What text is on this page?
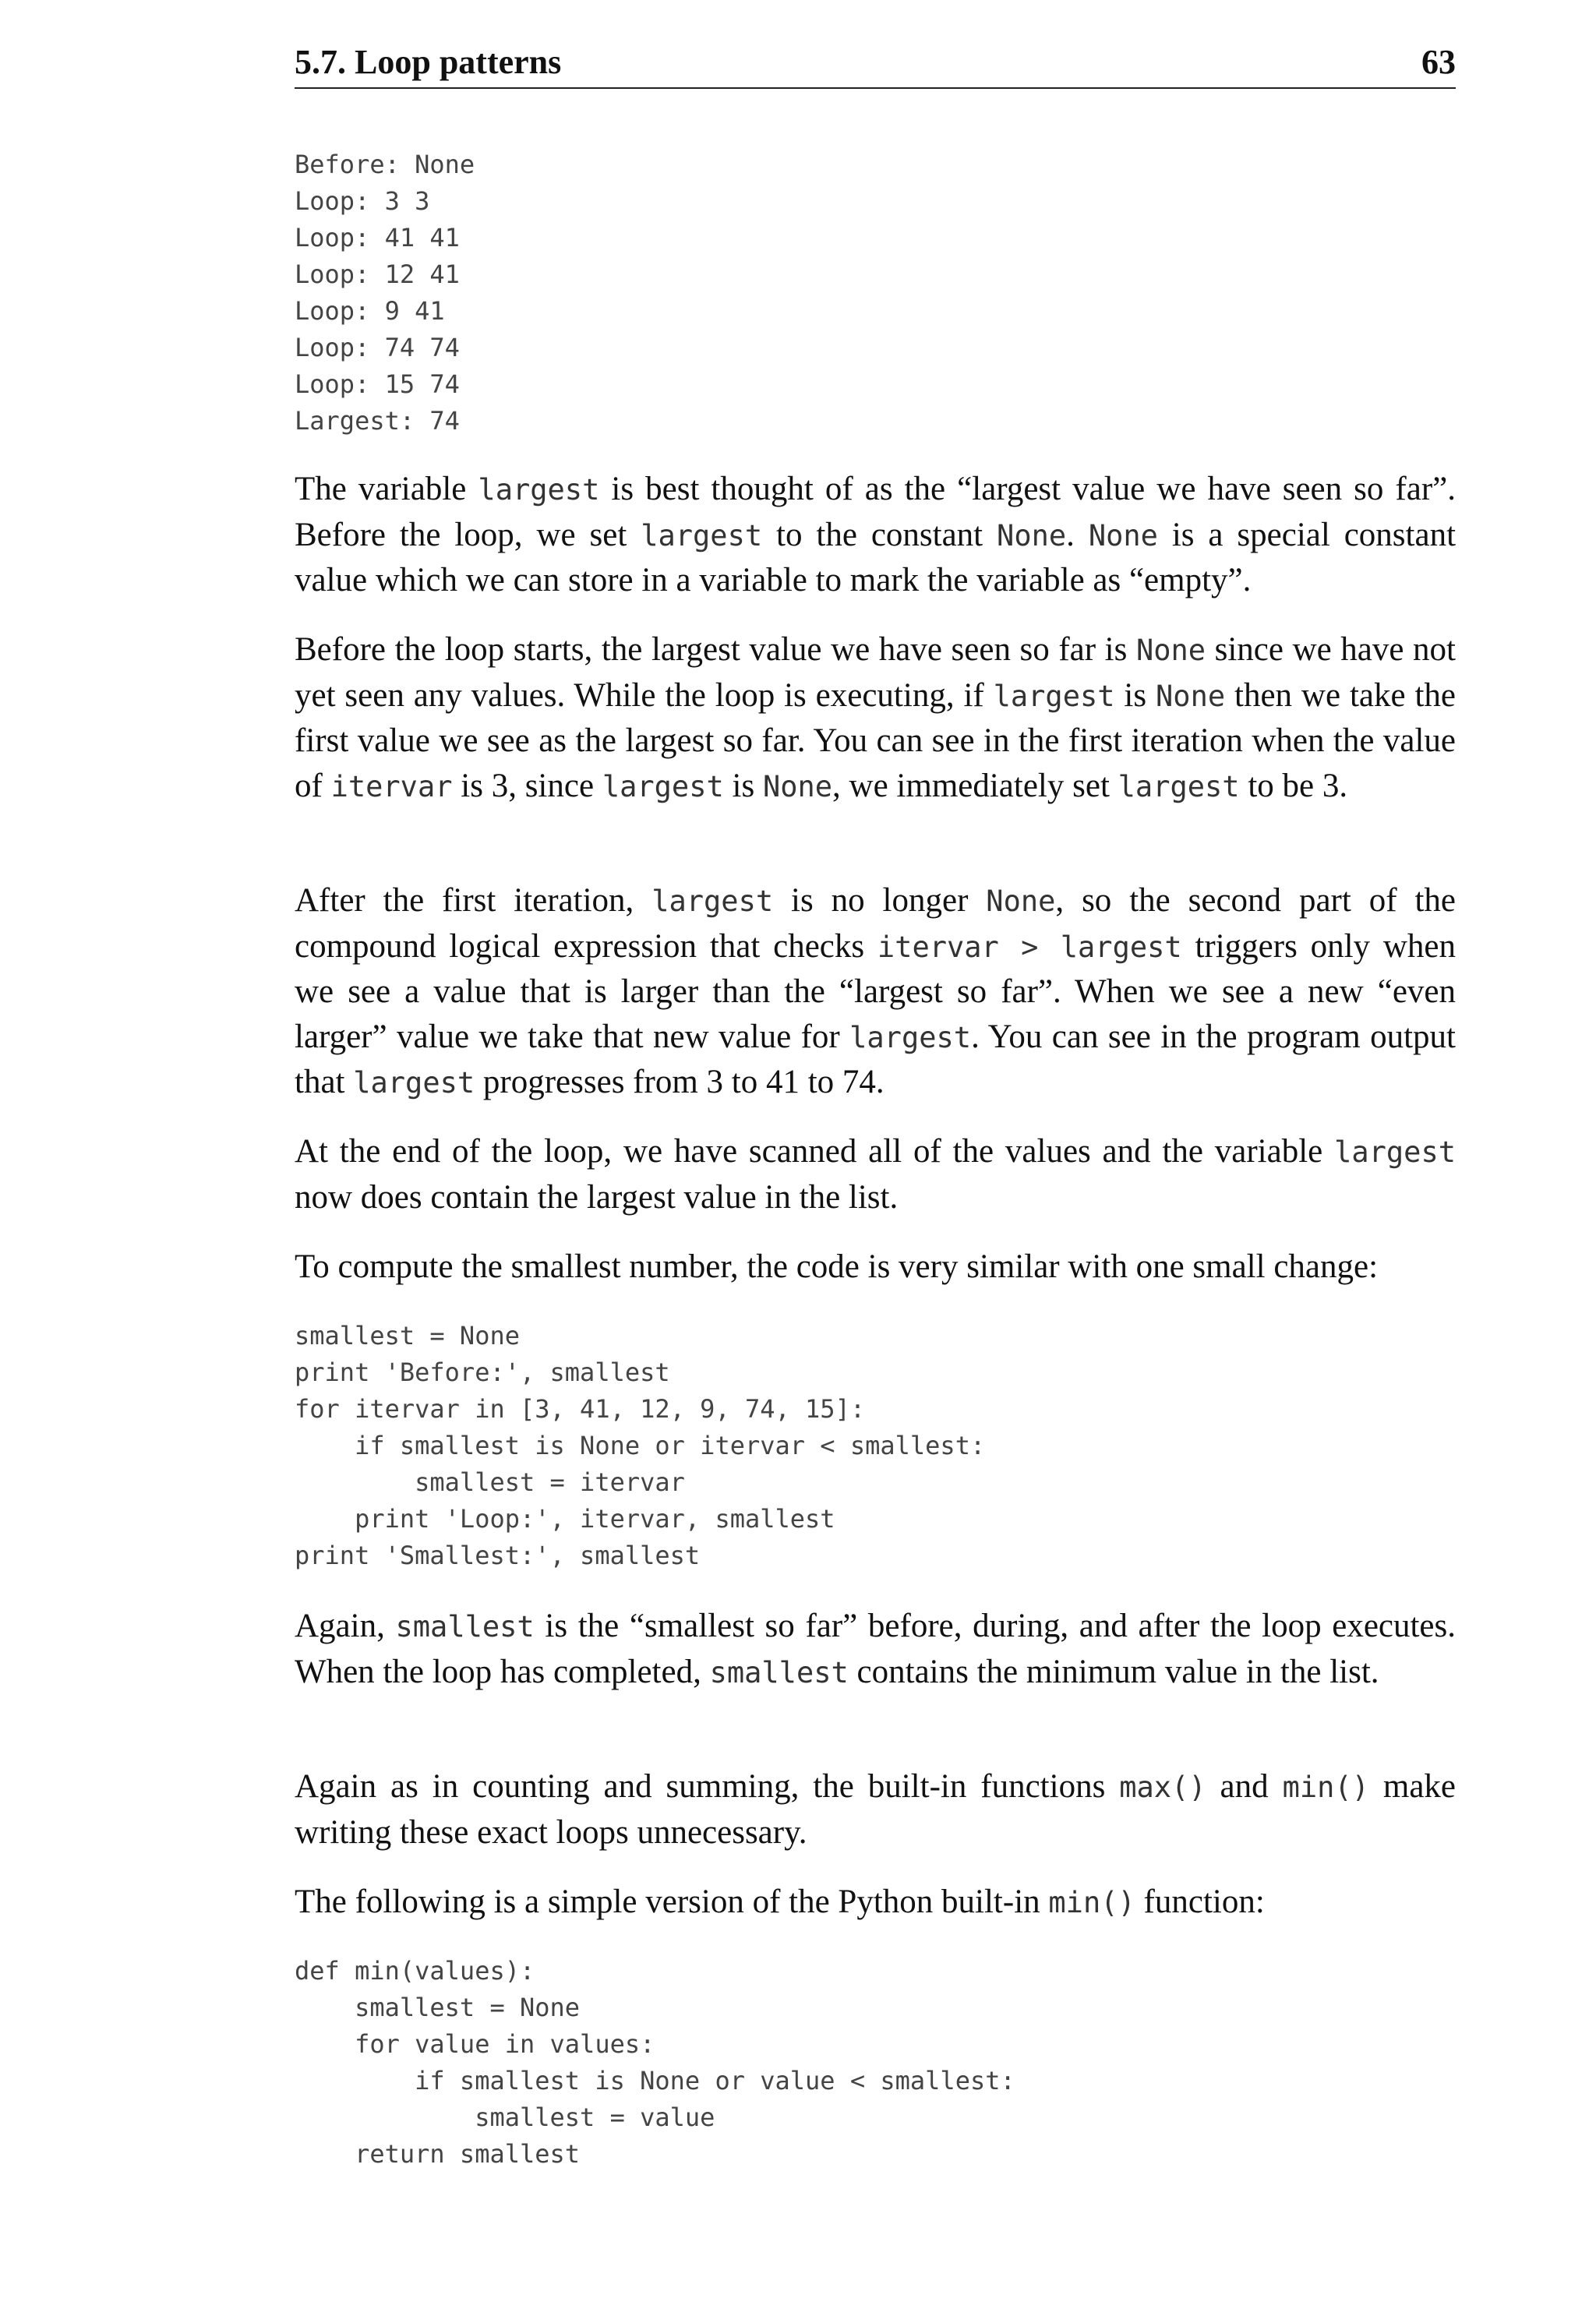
5.7. Loop patterns	63
Before: None
Loop: 3 3
Loop: 41 41
Loop: 12 41
Loop: 9 41
Loop: 74 74
Loop: 15 74
Largest: 74

The variable largest is best thought of as the “largest value we have seen so far”. Before the loop, we set largest to the constant None. None is a special constant value which we can store in a variable to mark the variable as “empty”.

Before the loop starts, the largest value we have seen so far is None since we have not yet seen any values. While the loop is executing, if largest is None then we take the first value we see as the largest so far. You can see in the first iteration when the value of itervar is 3, since largest is None, we immediately set largest to be 3.

After the first iteration, largest is no longer None, so the second part of the compound logical expression that checks itervar > largest triggers only when we see a value that is larger than the “largest so far”. When we see a new “even larger” value we take that new value for largest. You can see in the program output that largest progresses from 3 to 41 to 74.

At the end of the loop, we have scanned all of the values and the variable largest now does contain the largest value in the list.

To compute the smallest number, the code is very similar with one small change:

smallest = None
print 'Before:', smallest
for itervar in [3, 41, 12, 9, 74, 15]:
if smallest is None or itervar < smallest:
smallest = itervar
print 'Loop:', itervar, smallest
print 'Smallest:', smallest

Again, smallest is the “smallest so far” before, during, and after the loop executes. When the loop has completed, smallest contains the minimum value in the list.

Again as in counting and summing, the built-in functions max() and min() make writing these exact loops unnecessary.

The following is a simple version of the Python built-in min() function:

def min(values):
smallest = None
for value in values:
if smallest is None or value < smallest:
smallest = value
return smallest
